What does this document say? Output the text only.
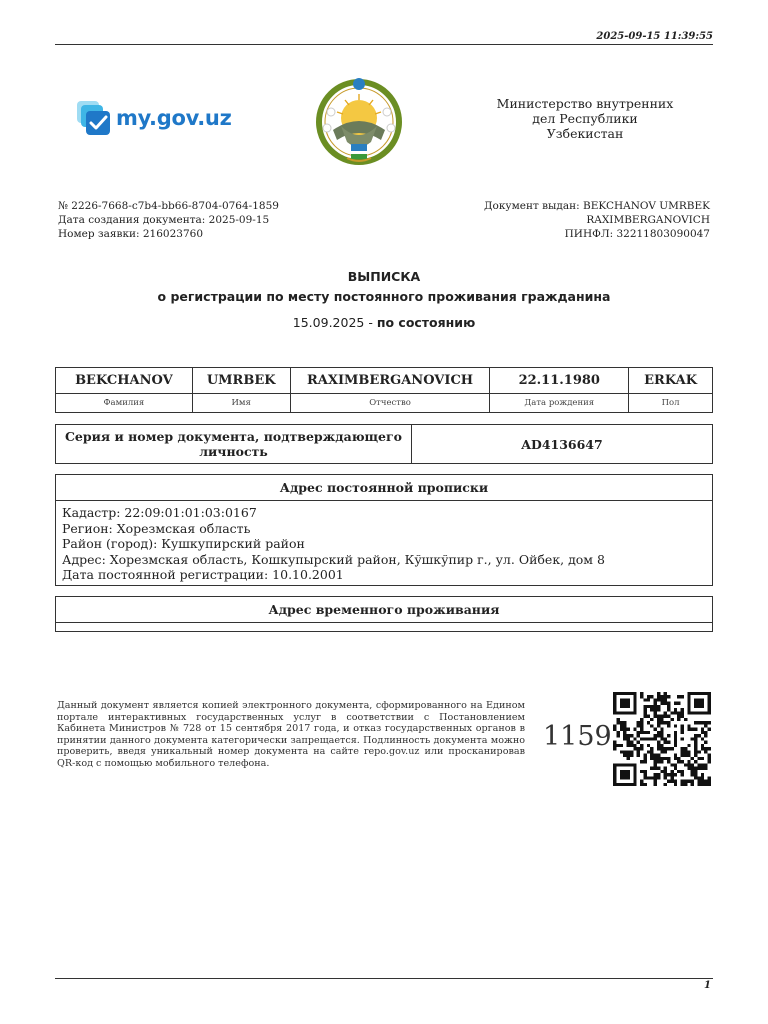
2025-09-15 11:39:55
my.gov.uz
Министерство внутренних
дел Республики
Узбекистан
№ 2226-7668-c7b4-bb66-8704-0764-1859
Дата создания документа: 2025-09-15
Номер заявки: 216023760
Документ выдан: BEKCHANOV UMRBEK
RAXIMBERGANOVICH
ПИНФЛ: 32211803090047
ВЫПИСКА
о регистрации по месту постоянного проживания гражданина
15.09.2025 - по состоянию
BEKCHANOV	UMRBEK	RAXIMBERGANOVICH	22.11.1980	ERKAK
Фамилия	Имя	Отчество	Дата рождения	Пол
Серия и номер документа, подтверждающего личность	AD4136647
Адрес постоянной прописки
Кадастр: 22:09:01:01:03:0167
Регион: Хорезмская область
Район (город): Кушкупирский район
Адрес: Хорезмская область, Кошкупырский район, Кўшкўпир г., ул. Ойбек, дом 8
Дата постоянной регистрации: 10.10.2001
Адрес временного проживания
Данный документ является копией электронного документа, сформированного на Едином портале интерактивных государственных услуг в соответствии с Постановлением Кабинета Министров № 728 от 15 сентября 2017 года, и отказ государственных органов в принятии данного документа категорически запрещается. Подлинность документа можно проверить, введя уникальный номер документа на сайте repo.gov.uz или просканировав QR-код с помощью мобильного телефона.
1159
1
